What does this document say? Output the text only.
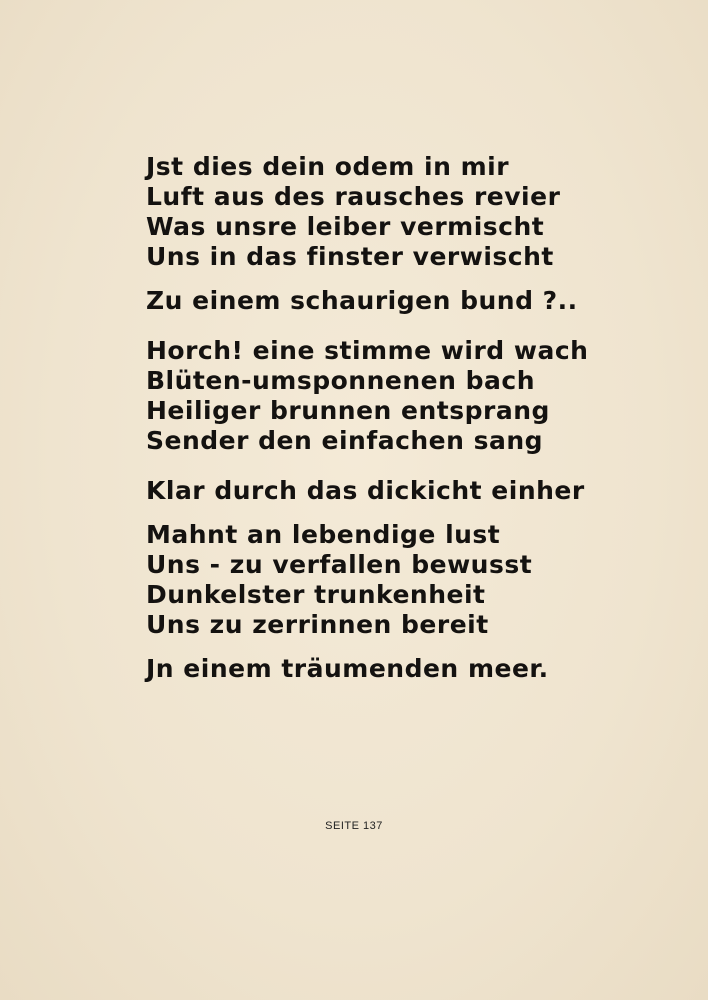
Jst dies dein odem in mir
Luft aus des rausches revier
Was unsre leiber vermischt
Uns in das finster verwischt
Zu einem schaurigen bund ?..
Horch! eine stimme wird wach
Blüten-umsponnenen bach
Heiliger brunnen entsprang
Sender den einfachen sang
Klar durch das dickicht einher
Mahnt an lebendige lust
Uns - zu verfallen bewusst
Dunkelster trunkenheit
Uns zu zerrinnen bereit
Jn einem träumenden meer.
SEITE 137
